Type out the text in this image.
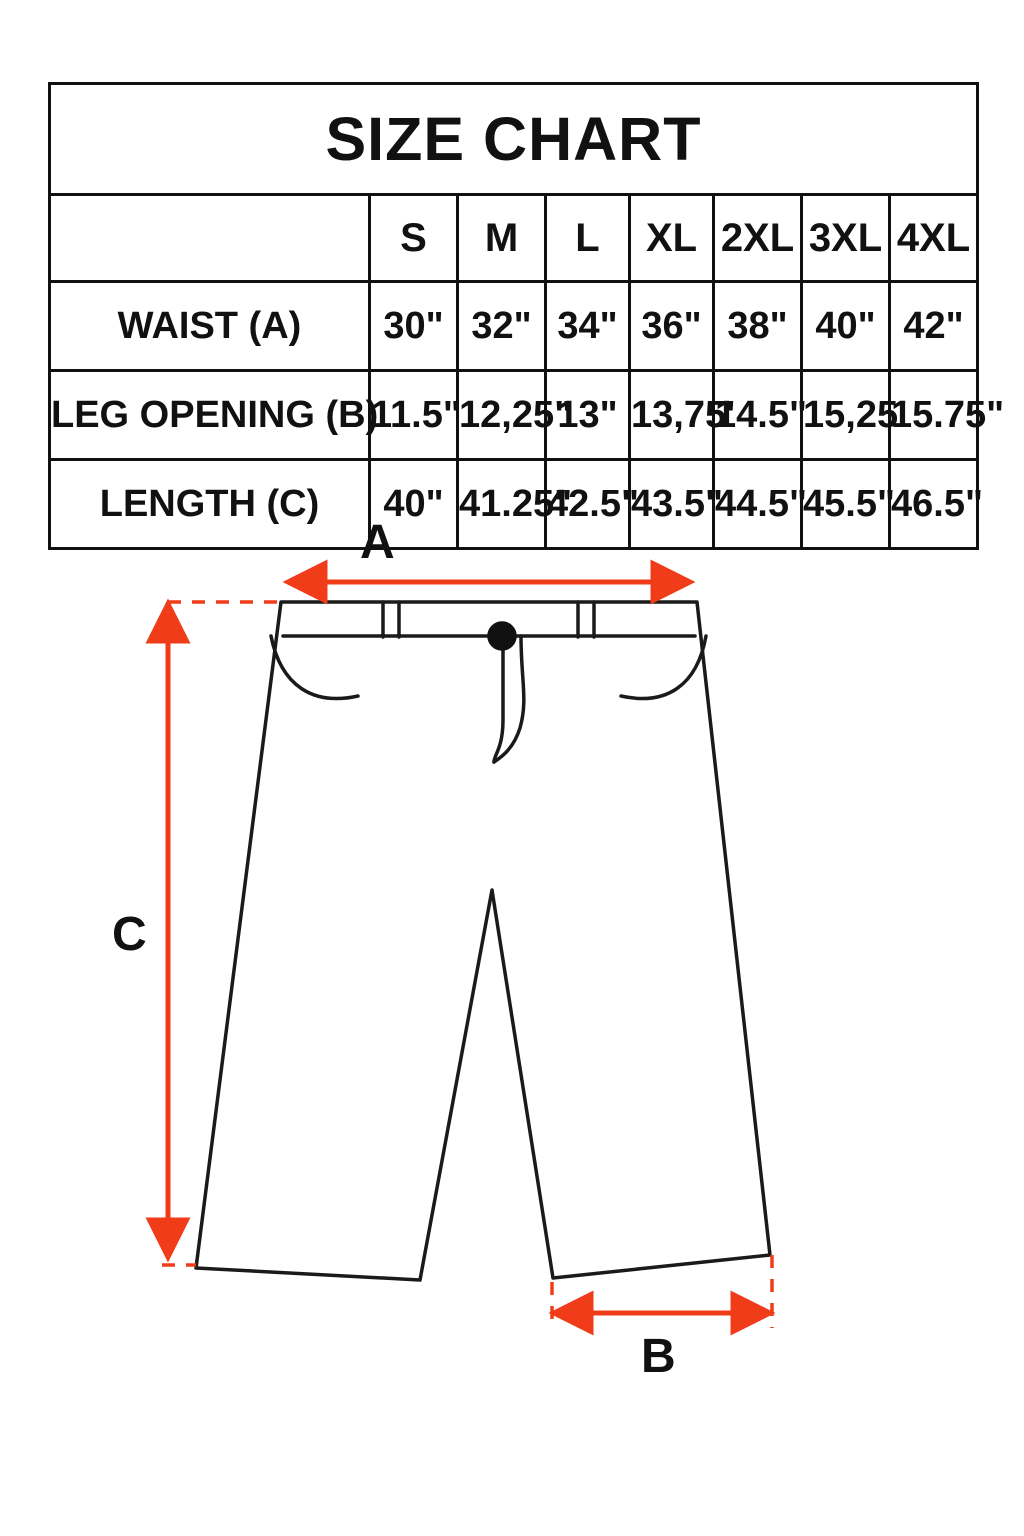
SIZE CHART							
	S	M	L	XL	2XL	3XL	4XL
WAIST (A)	30"	32"	34"	36"	38"	40"	42"
LEG OPENING (B)	11.5"	12,25"	13"	13,75'	14.5"	15,25'	15.75"
LENGTH (C)	40"	41.25"	42.5"	43.5"	44.5"	45.5"	46.5"
A
C
B
